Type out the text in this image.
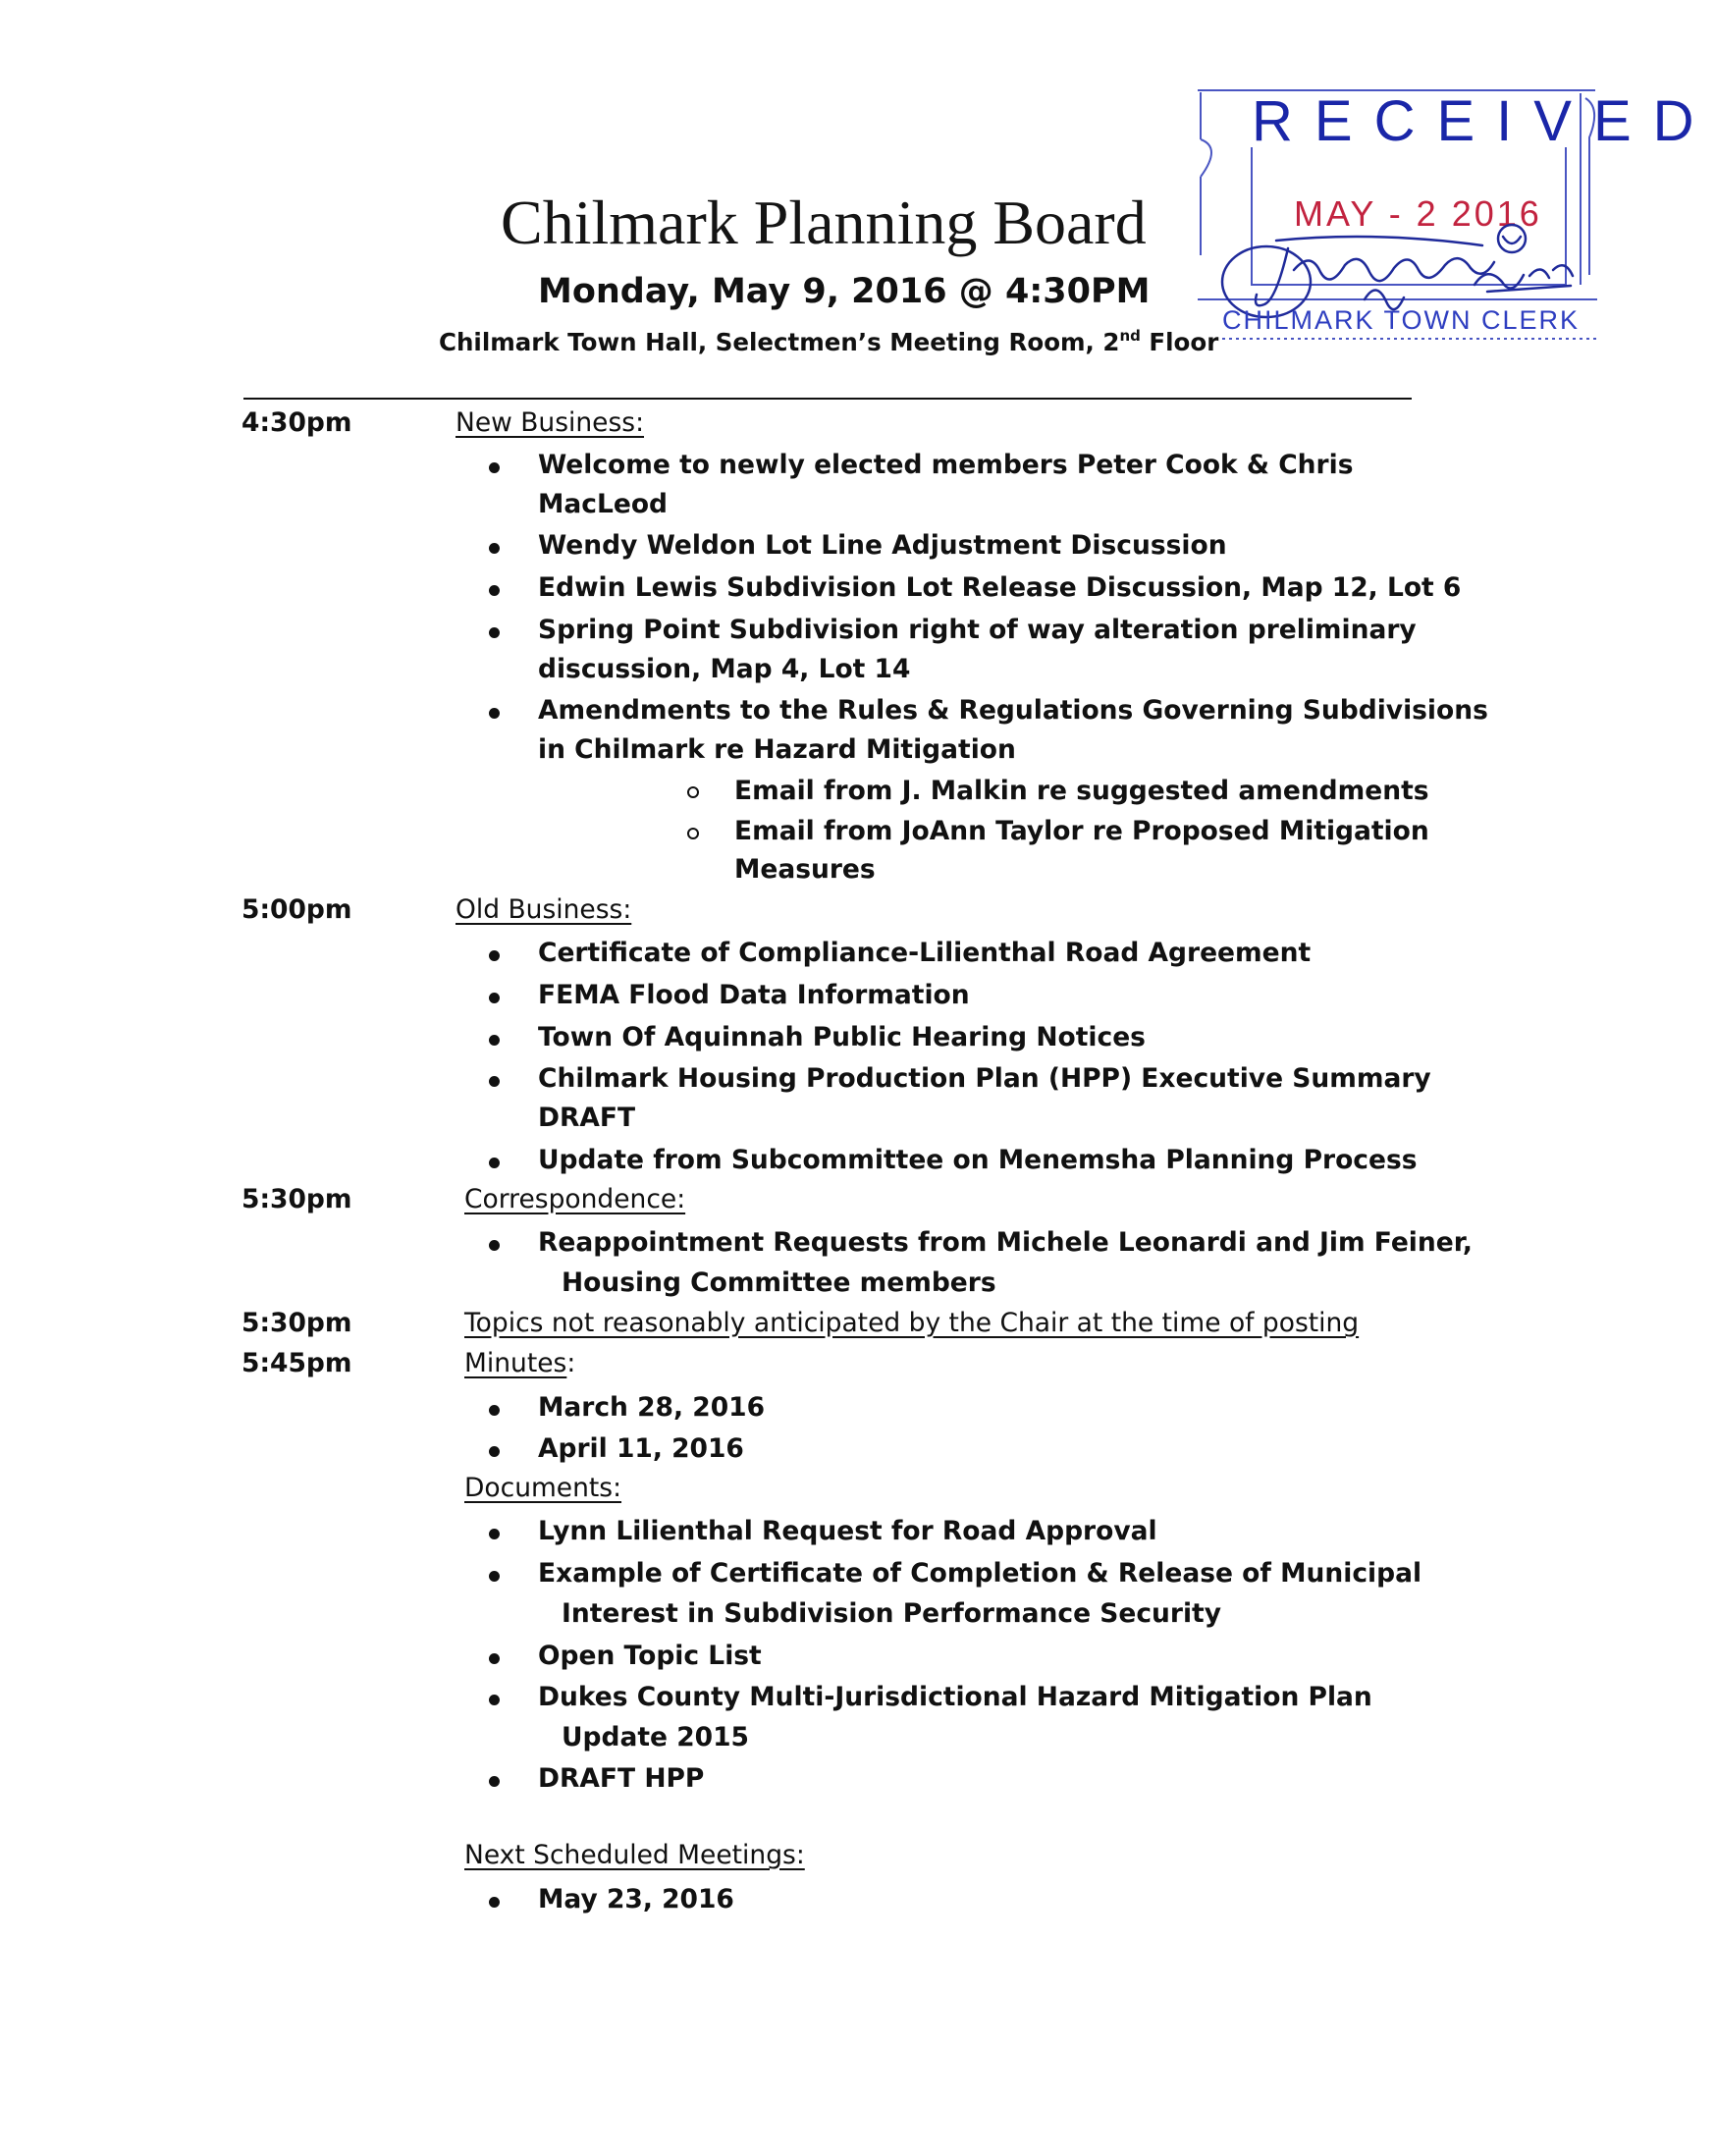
Chilmark Planning Board
Monday, May 9, 2016 @ 4:30PM
Chilmark Town Hall, Selectmen’s Meeting Room, 2nd Floor
RECEIVED
MAY - 2 2016
CHILMARK TOWN CLERK
4:30pm	New Business:
Welcome to newly elected members Peter Cook & Chris
MacLeod
Wendy Weldon Lot Line Adjustment Discussion
Edwin Lewis Subdivision Lot Release Discussion, Map 12, Lot 6
Spring Point Subdivision right of way alteration preliminary
discussion, Map 4, Lot 14
Amendments to the Rules & Regulations Governing Subdivisions
in Chilmark re Hazard Mitigation
Email from J. Malkin re suggested amendments
Email from JoAnn Taylor re Proposed Mitigation
Measures
5:00pm	Old Business:
Certificate of Compliance-Lilienthal Road Agreement
FEMA Flood Data Information
Town Of Aquinnah Public Hearing Notices
Chilmark Housing Production Plan (HPP) Executive Summary
DRAFT
Update from Subcommittee on Menemsha Planning Process
5:30pm	Correspondence:
Reappointment Requests from Michele Leonardi and Jim Feiner,
Housing Committee members
5:30pm	Topics not reasonably anticipated by the Chair at the time of posting
5:45pm	Minutes:
March 28, 2016
April 11, 2016
Documents:
Lynn Lilienthal Request for Road Approval
Example of Certificate of Completion & Release of Municipal
Interest in Subdivision Performance Security
Open Topic List
Dukes County Multi-Jurisdictional Hazard Mitigation Plan
Update 2015
DRAFT HPP
Next Scheduled Meetings:
May 23, 2016
